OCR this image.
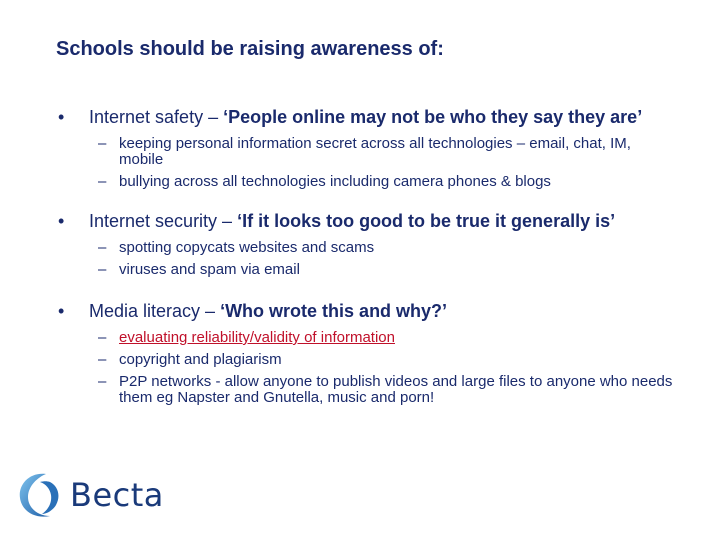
Schools should be raising awareness of:

• Internet safety – ‘People online may not be who they say they are’

– keeping personal information secret across all technologies – email, chat, IM, mobile

– bullying across all technologies including camera phones & blogs

• Internet security – ‘If it looks too good to be true it generally is’

– spotting copycats websites and scams

– viruses and spam via email

• Media literacy – ‘Who wrote this and why?’

– evaluating reliability/validity of information

– copyright and plagiarism

– P2P networks - allow anyone to publish videos and large files to anyone who needs them eg Napster and Gnutella, music and porn!

Becta
